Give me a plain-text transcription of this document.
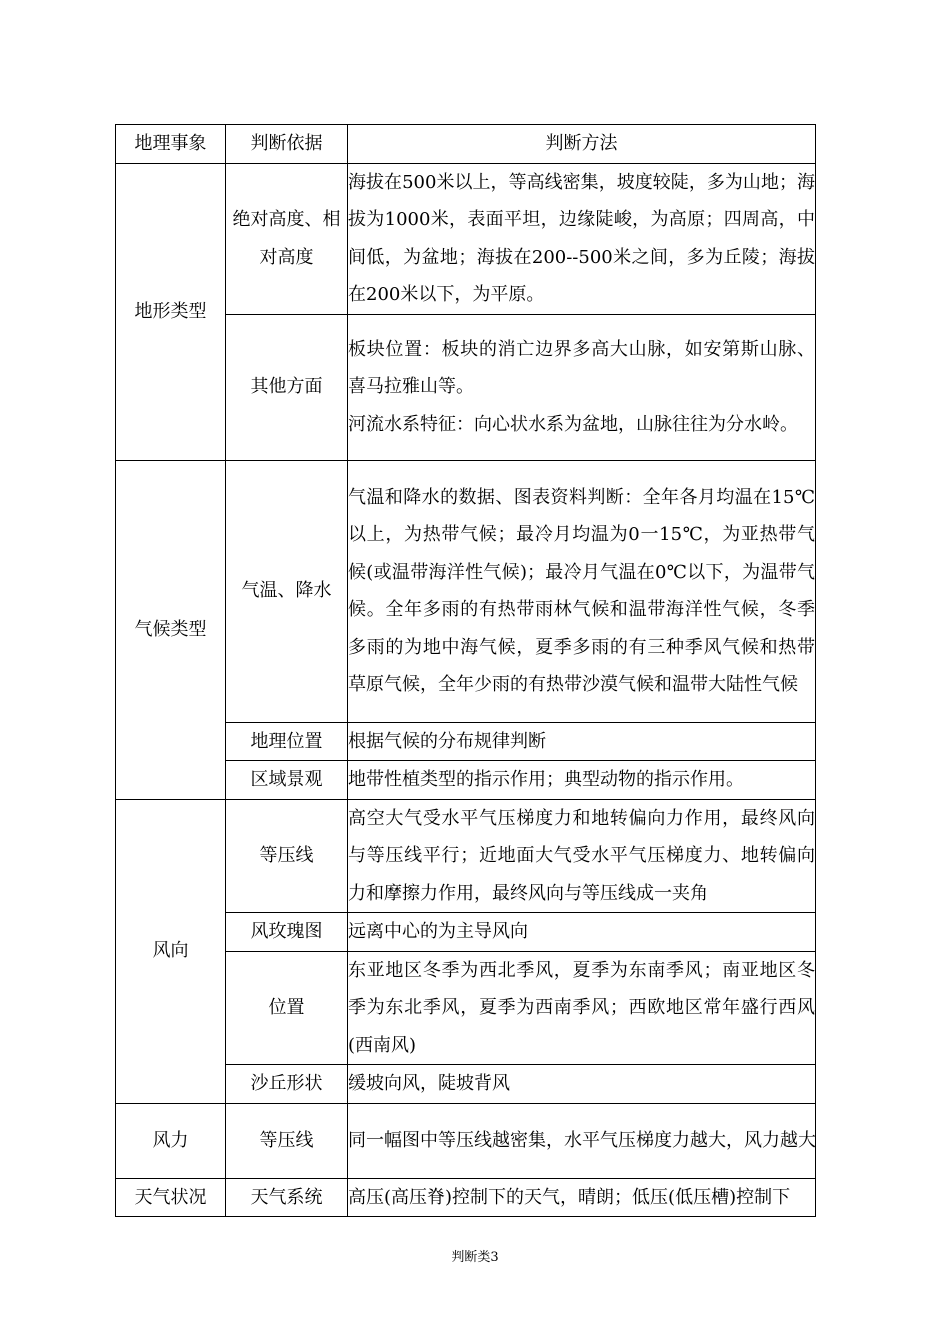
地理事象	判断依据	判断方法
地形类型	绝对高度、相对高度	海拔在500米以上，等高线密集，坡度较陡，多为山地；海拔为1000米，表面平坦，边缘陡峻，为高原；四周高，中间低，为盆地；海拔在200--500米之间，多为丘陵；海拔在200米以下，为平原。
	其他方面	板块位置：板块的消亡边界多高大山脉，如安第斯山脉、喜马拉雅山等。
河流水系特征：向心状水系为盆地，山脉往往为分水岭。

气候类型	气温、降水	气温和降水的数据、图表资料判断：全年各月均温在15℃以上，为热带气候；最冷月均温为0一15℃，为亚热带气候(或温带海洋性气候)；最冷月气温在0℃以下，为温带气候。全年多雨的有热带雨林气候和温带海洋性气候，冬季多雨的为地中海气候，夏季多雨的有三种季风气候和热带草原气候，全年少雨的有热带沙漠气候和温带大陆性气候
	地理位置	根据气候的分布规律判断
	区域景观	地带性植类型的指示作用；典型动物的指示作用。
风向	等压线	高空大气受水平气压梯度力和地转偏向力作用，最终风向与等压线平行；近地面大气受水平气压梯度力、地转偏向力和摩擦力作用，最终风向与等压线成一夹角
	风玫瑰图	远离中心的为主导风向
	位置	东亚地区冬季为西北季风，夏季为东南季风；南亚地区冬季为东北季风，夏季为西南季风；西欧地区常年盛行西风(西南风)
	沙丘形状	缓坡向风，陡坡背风
风力	等压线	同一幅图中等压线越密集，水平气压梯度力越大，风力越大

天气状况	天气系统	高压(高压脊)控制下的天气，晴朗；低压(低压槽)控制下
判断类3
